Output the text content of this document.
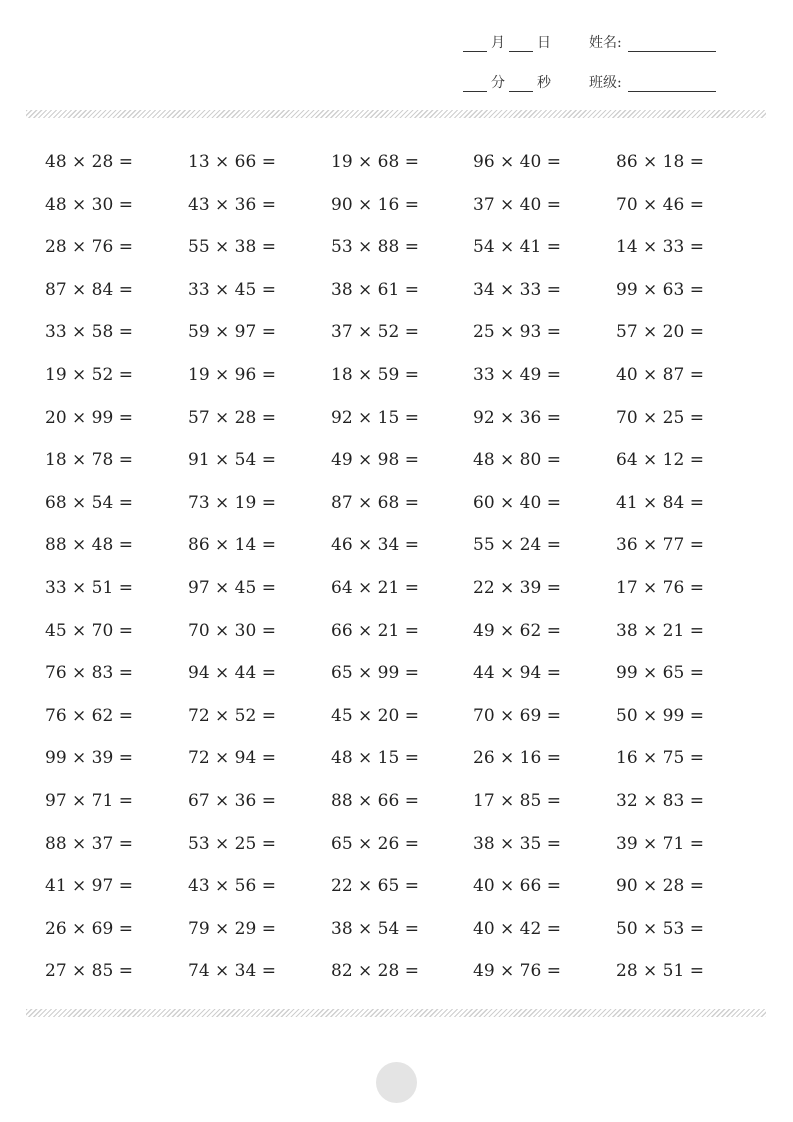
月 日	姓名:
分 秒	班级:
48 × 28 =	13 × 66 =	19 × 68 =	96 × 40 =	86 × 18 =
48 × 30 =	43 × 36 =	90 × 16 =	37 × 40 =	70 × 46 =
28 × 76 =	55 × 38 =	53 × 88 =	54 × 41 =	14 × 33 =
87 × 84 =	33 × 45 =	38 × 61 =	34 × 33 =	99 × 63 =
33 × 58 =	59 × 97 =	37 × 52 =	25 × 93 =	57 × 20 =
19 × 52 =	19 × 96 =	18 × 59 =	33 × 49 =	40 × 87 =
20 × 99 =	57 × 28 =	92 × 15 =	92 × 36 =	70 × 25 =
18 × 78 =	91 × 54 =	49 × 98 =	48 × 80 =	64 × 12 =
68 × 54 =	73 × 19 =	87 × 68 =	60 × 40 =	41 × 84 =
88 × 48 =	86 × 14 =	46 × 34 =	55 × 24 =	36 × 77 =
33 × 51 =	97 × 45 =	64 × 21 =	22 × 39 =	17 × 76 =
45 × 70 =	70 × 30 =	66 × 21 =	49 × 62 =	38 × 21 =
76 × 83 =	94 × 44 =	65 × 99 =	44 × 94 =	99 × 65 =
76 × 62 =	72 × 52 =	45 × 20 =	70 × 69 =	50 × 99 =
99 × 39 =	72 × 94 =	48 × 15 =	26 × 16 =	16 × 75 =
97 × 71 =	67 × 36 =	88 × 66 =	17 × 85 =	32 × 83 =
88 × 37 =	53 × 25 =	65 × 26 =	38 × 35 =	39 × 71 =
41 × 97 =	43 × 56 =	22 × 65 =	40 × 66 =	90 × 28 =
26 × 69 =	79 × 29 =	38 × 54 =	40 × 42 =	50 × 53 =
27 × 85 =	74 × 34 =	82 × 28 =	49 × 76 =	28 × 51 =
